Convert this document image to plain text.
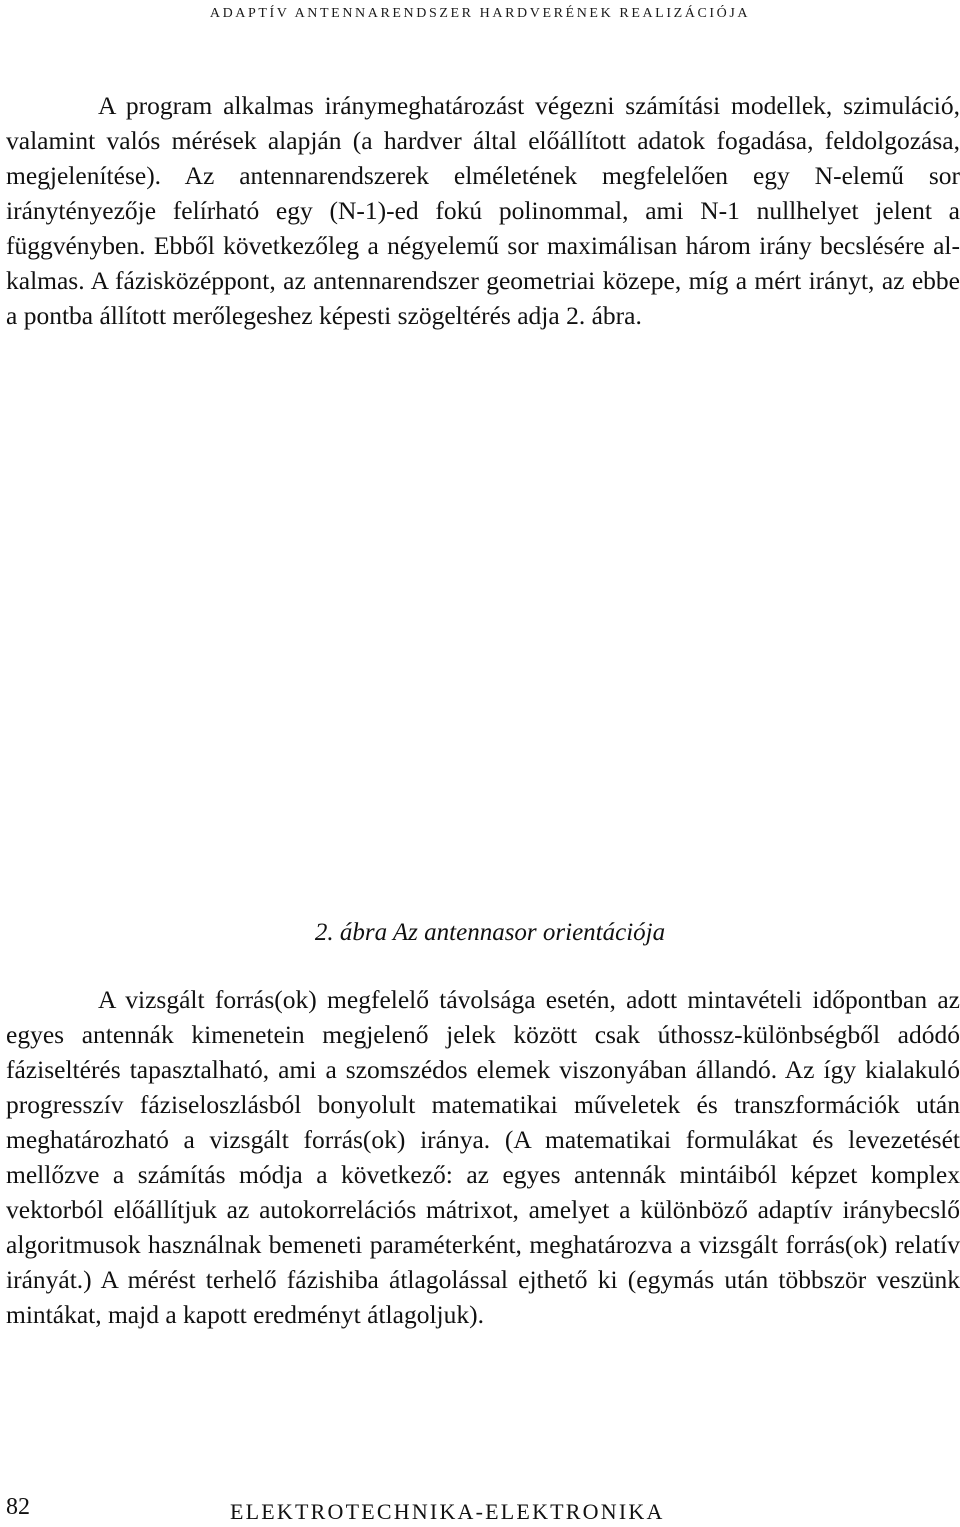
ADAPTÍV ANTENNARENDSZER HARDVERÉNEK REALIZÁCIÓJA

A program alkalmas iránymeghatározást végezni számítási modellek, szimuláció, valamint valós mérések alapján (a hardver által előállított adatok fogadása, feldolgozása, megjelenítése). Az antennarendszerek elméletének megfelelően egy N-elemű sor iránytényezője felírható egy (N-1)-ed fokú polinommal, ami N-1 nullhelyet jelent a függvényben. Ebből következőleg a négyelemű sor maximálisan három irány becslésére alkalmas. A fázisközéppont, az antennarendszer geometriai közepe, míg a mért irányt, az ebbe a pontba állított merőlegeshez képesti szögeltérés adja 2. ábra.

2. ábra Az antennasor orientációja

A vizsgált forrás(ok) megfelelő távolsága esetén, adott mintavételi időpontban az egyes antennák kimenetein megjelenő jelek között csak úthossz-különbségből adódó fáziseltérés tapasztalható, ami a szomszédos elemek viszonyában állandó. Az így kialakuló progresszív fáziseloszlásból bonyolult matematikai műveletek és transzformációk után meghatározható a vizsgált forrás(ok) iránya. (A matematikai formulákat és levezetését mellőzve a számítás módja a következő: az egyes antennák mintáiból képzet komplex vektorból előállítjuk az autokorrelációs mátrixot, amelyet a különböző adaptív iránybecslő algoritmusok használnak bemeneti paraméterként, meghatározva a vizsgált forrás(ok) relatív irányát.) A mérést terhelő fázishiba átlagolással ejthető ki (egymás után többször veszünk mintákat, majd a kapott eredményt átlagoljuk).

82	ELEKTROTECHNIKA-ELEKTRONIKA
